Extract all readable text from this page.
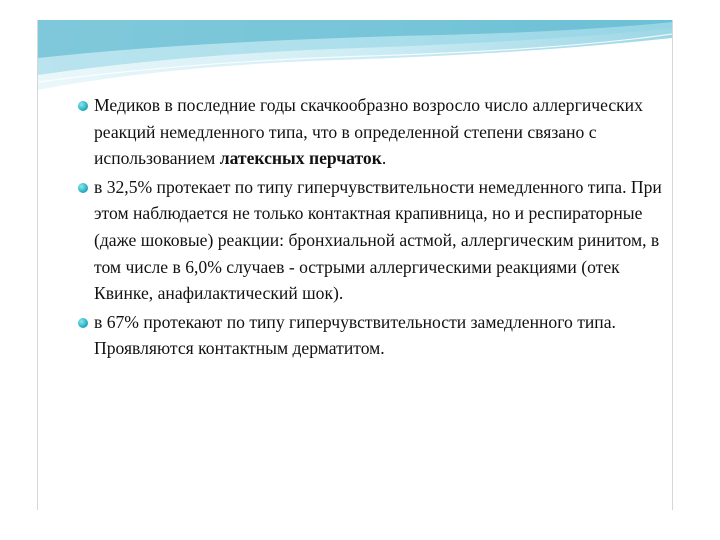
Медиков в последние годы скачкообразно возросло число аллергических реакций немедленного типа, что в определенной степени связано с использованием латексных перчаток.
в 32,5% протекает по типу гиперчувствительности немедленного типа. При этом наблюдается не только контактная крапивница, но и респираторные (даже шоковые) реакции: бронхиальной астмой, аллергическим ринитом, в том числе в 6,0% случаев - острыми аллергическими реакциями (отек Квинке, анафилактический шок).
в 67% протекают по типу гиперчувствительности замедленного типа. Проявляются контактным дерматитом.
